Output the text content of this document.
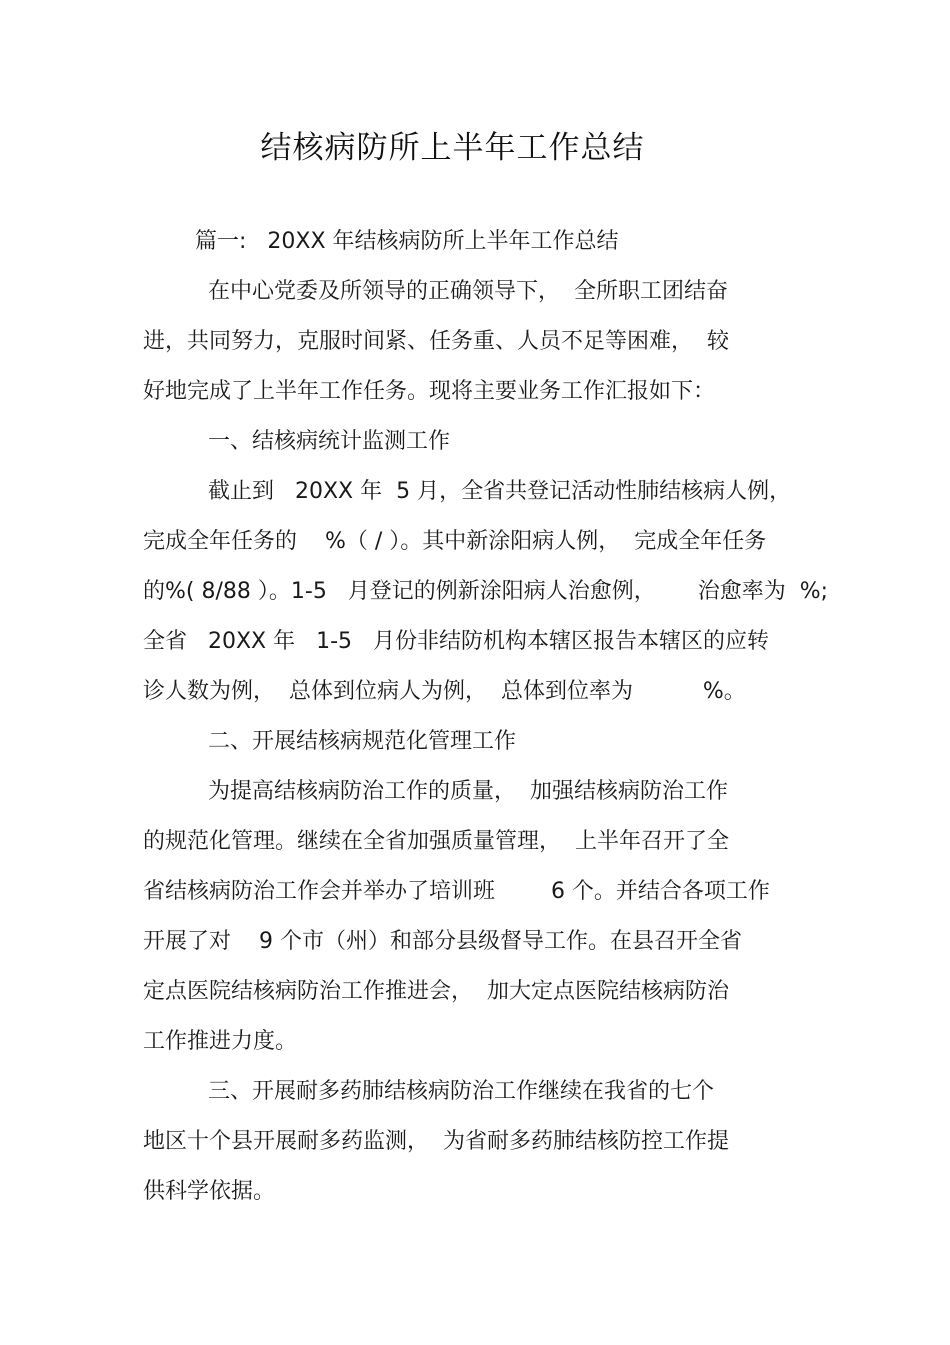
结核病防所上半年工作总结
篇一:   20XX 年结核病防所上半年工作总结
在中心党委及所领导的正确领导下，  全所职工团结奋
进，共同努力，克服时间紧、任务重、人员不足等困难，  较
好地完成了上半年工作任务。现将主要业务工作汇报如下：
一、结核病统计监测工作
截止到   20XX 年  5 月，全省共登记活动性肺结核病人例，
完成全年任务的    %（ / ）。其中新涂阳病人例，  完成全年任务
的%( 8/88 ）。1-5   月登记的例新涂阳病人治愈例，      治愈率为  %;
全省   20XX 年   1-5   月份非结防机构本辖区报告本辖区的应转
诊人数为例，  总体到位病人为例，  总体到位率为          %。
二、开展结核病规范化管理工作
为提高结核病防治工作的质量，  加强结核病防治工作
的规范化管理。继续在全省加强质量管理，  上半年召开了全
省结核病防治工作会并举办了培训班        6 个。并结合各项工作
开展了对    9 个市（州）和部分县级督导工作。在县召开全省
定点医院结核病防治工作推进会，  加大定点医院结核病防治
工作推进力度。
三、开展耐多药肺结核病防治工作继续在我省的七个
地区十个县开展耐多药监测，  为省耐多药肺结核防控工作提
供科学依据。
